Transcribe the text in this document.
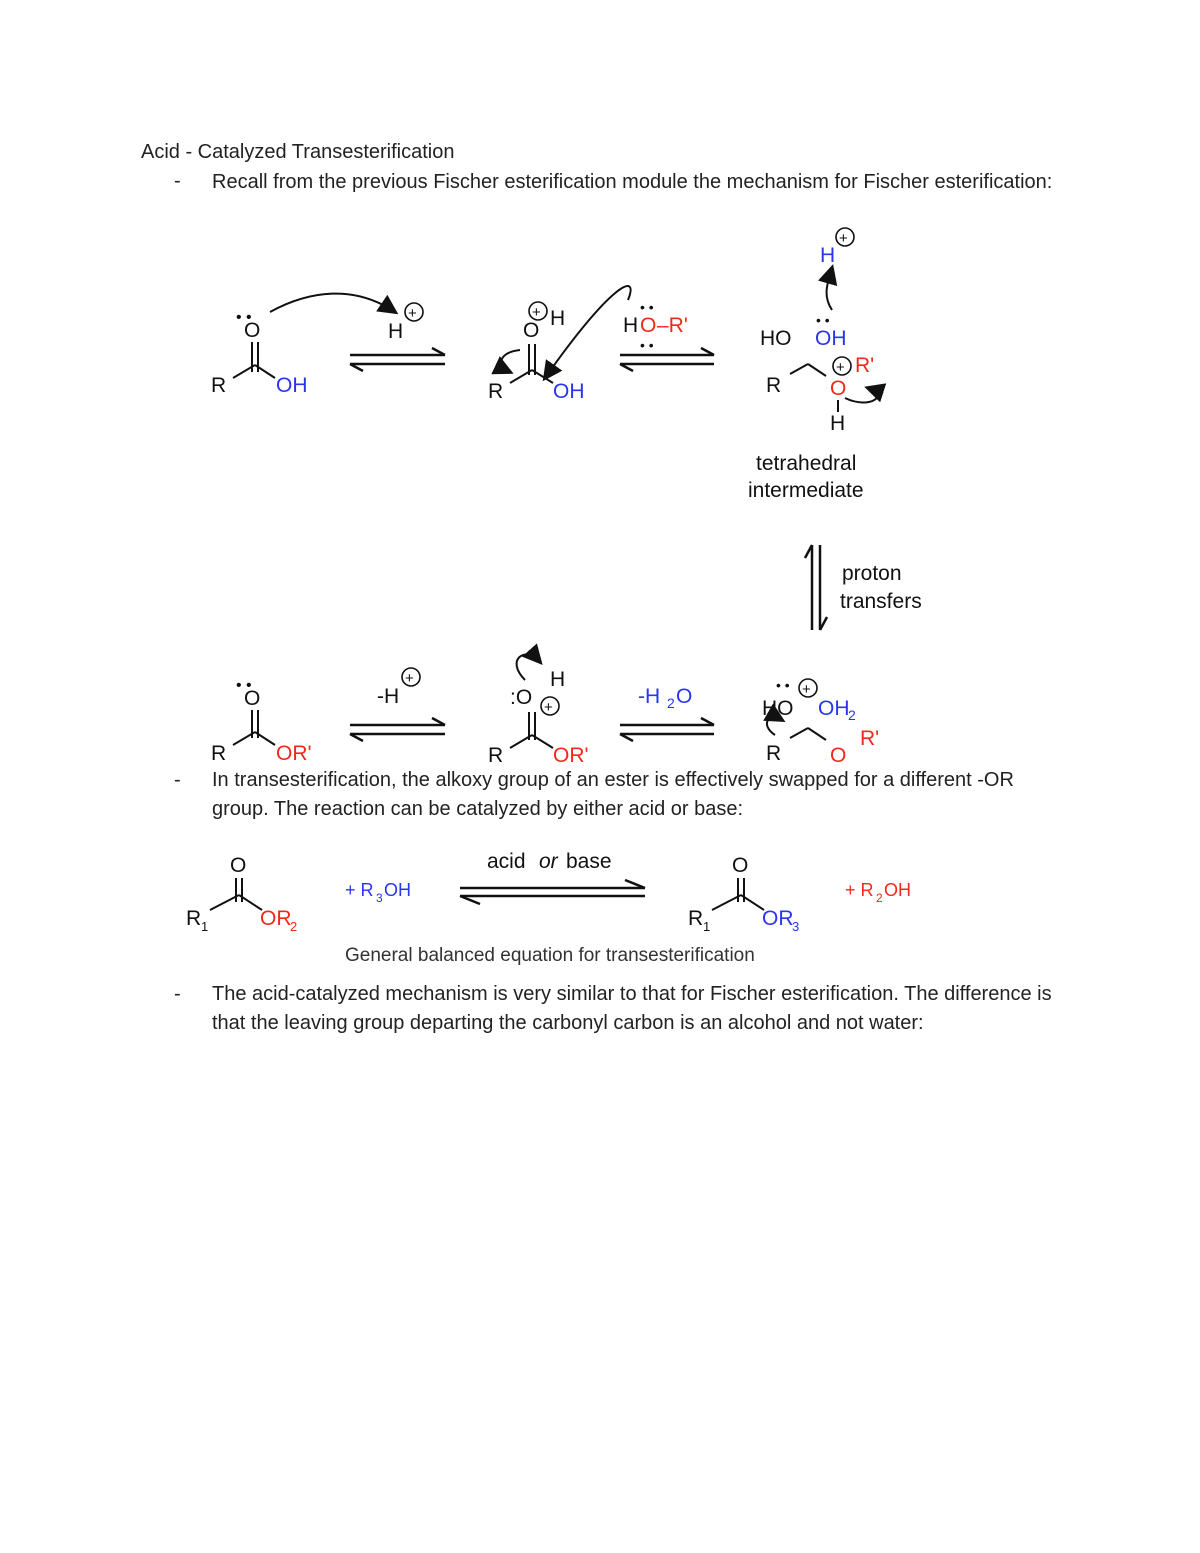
Acid - Catalyzed Transesterification
- Recall from the previous Fischer esterification module the mechanism for Fischer esterification:
O
• •
R OH
H
+	+ H
O
R OH
H O –R'
• •
• •
H
+
HO OH
• •
R
+
O
R'
H
tetrahedral
intermediate
proton
transfers
O
• •
R OR'
-H
+	H
:O +
R OR'
-H 2 O	• • +
HO OH
2
R O
R'
- In transesterification, the alkoxy group of an ester is effectively swapped for a different -OR group. The reaction can be catalyzed by either acid or base:
O
R 1 OR
2
+ R 3 OH
acid or base	O
R 1 OR
3
+ R 2 OH
General balanced equation for transesterification
- The acid-catalyzed mechanism is very similar to that for Fischer esterification. The difference is that the leaving group departing the carbonyl carbon is an alcohol and not water:
